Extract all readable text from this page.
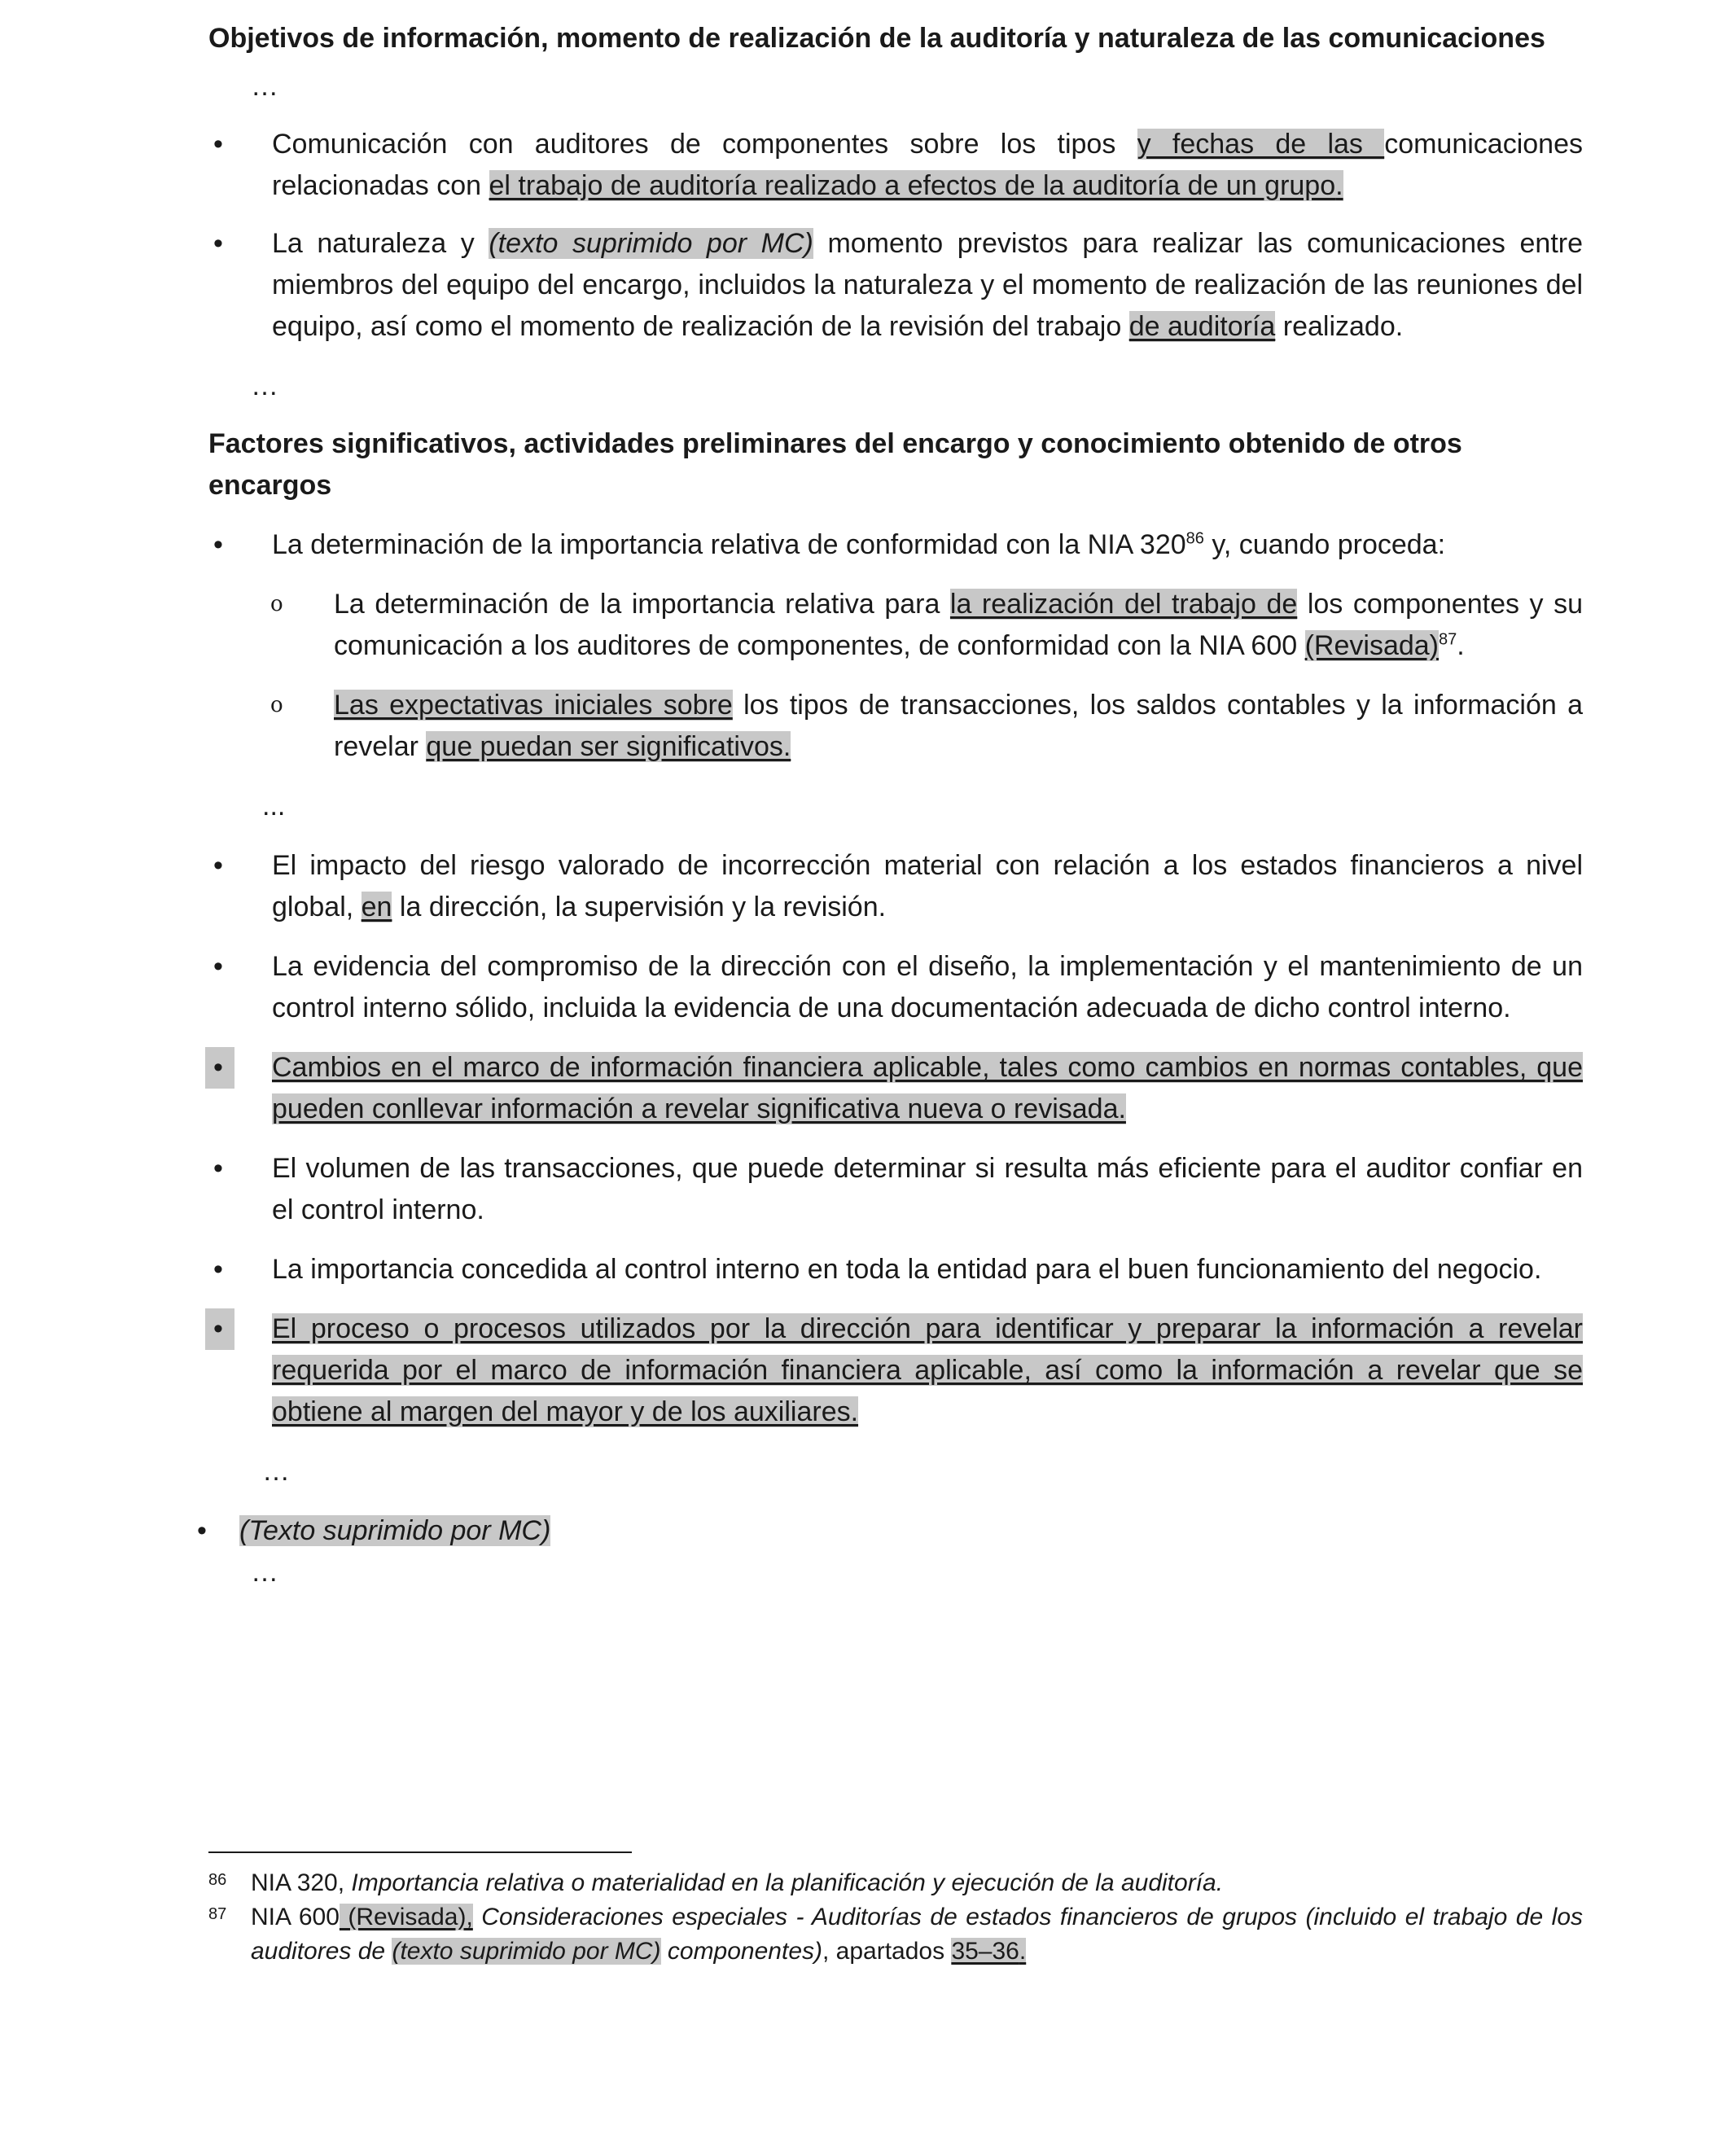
Objetivos de información, momento de realización de la auditoría y naturaleza de las comunicaciones

…

• Comunicación con auditores de componentes sobre los tipos y fechas de las comunicaciones relacionadas con el trabajo de auditoría realizado a efectos de la auditoría de un grupo.

• La naturaleza y (texto suprimido por MC) momento previstos para realizar las comunicaciones entre miembros del equipo del encargo, incluidos la naturaleza y el momento de realización de las reuniones del equipo, así como el momento de realización de la revisión del trabajo de auditoría realizado.

…

Factores significativos, actividades preliminares del encargo y conocimiento obtenido de otros encargos

• La determinación de la importancia relativa de conformidad con la NIA $320^{86}$ y, cuando proceda:

o La determinación de la importancia relativa para la realización del trabajo de los componentes y su comunicación a los auditores de componentes, de conformidad con la NIA 600 (Revisada)$^{87}$.

o Las expectativas iniciales sobre los tipos de transacciones, los saldos contables y la información a revelar que puedan ser significativos.

...

• El impacto del riesgo valorado de incorrección material con relación a los estados financieros a nivel global, en la dirección, la supervisión y la revisión.

• La evidencia del compromiso de la dirección con el diseño, la implementación y el mantenimiento de un control interno sólido, incluida la evidencia de una documentación adecuada de dicho control interno.

•	Cambios en el marco de información financiera aplicable, tales como cambios en normas contables, que pueden conllevar información a revelar significativa nueva o revisada.

• El volumen de las transacciones, que puede determinar si resulta más eficiente para el auditor confiar en el control interno.

• La importancia concedida al control interno en toda la entidad para el buen funcionamiento del negocio.

•	El proceso o procesos utilizados por la dirección para identificar y preparar la información a revelar requerida por el marco de información financiera aplicable, así como la información a revelar que se obtiene al margen del mayor y de los auxiliares.

…

• (Texto suprimido por MC)

…

86 NIA 320, Importancia relativa o materialidad en la planificación y ejecución de la auditoría.

87 NIA 600 (Revisada), Consideraciones especiales - Auditorías de estados financieros de grupos (incluido el trabajo de los auditores de (texto suprimido por MC) componentes), apartados 35–36.
